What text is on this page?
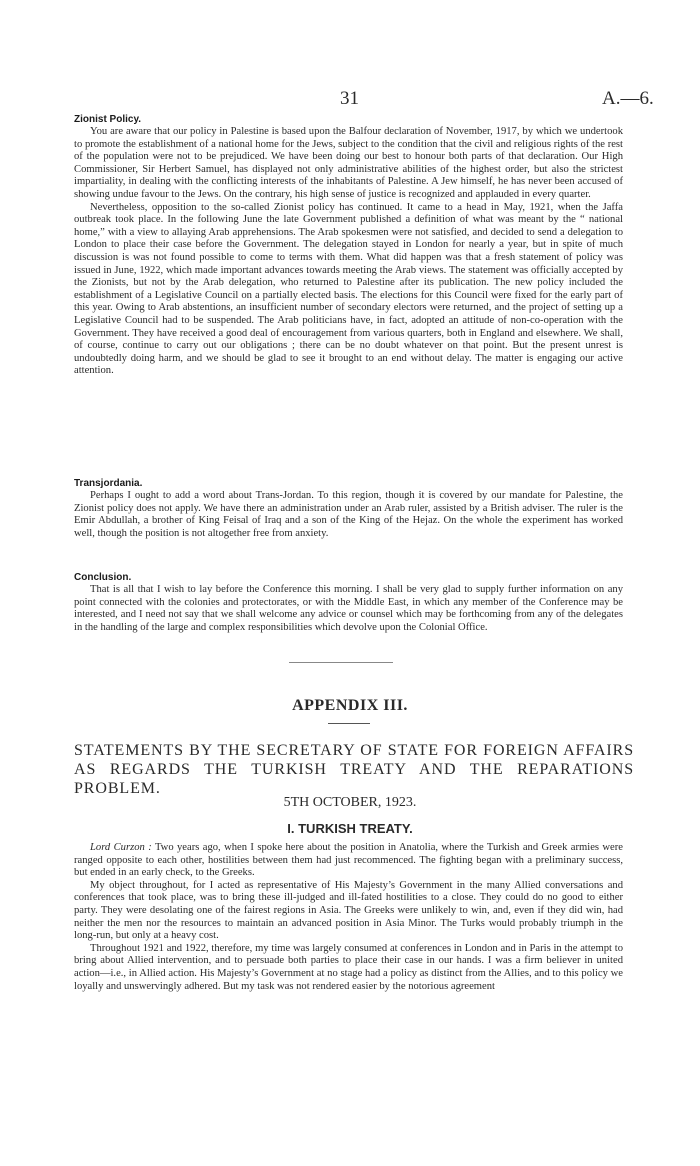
31	A.—6.
Zionist Policy.

You are aware that our policy in Palestine is based upon the Balfour declaration of November, 1917, by which we undertook to promote the establishment of a national home for the Jews, subject to the condition that the civil and religious rights of the rest of the population were not to be prejudiced. We have been doing our best to honour both parts of that declaration. Our High Commissioner, Sir Herbert Samuel, has displayed not only administrative abilities of the highest order, but also the strictest impartiality, in dealing with the conflicting interests of the inhabitants of Palestine. A Jew himself, he has never been accused of showing undue favour to the Jews. On the contrary, his high sense of justice is recognized and applauded in every quarter.

Nevertheless, opposition to the so-called Zionist policy has continued. It came to a head in May, 1921, when the Jaffa outbreak took place. In the following June the late Government published a definition of what was meant by the “ national home,” with a view to allaying Arab apprehensions. The Arab spokesmen were not satisfied, and decided to send a delegation to London to place their case before the Government. The delegation stayed in London for nearly a year, but in spite of much discussion is was not found possible to come to terms with them. What did happen was that a fresh statement of policy was issued in June, 1922, which made important advances towards meeting the Arab views. The statement was officially accepted by the Zionists, but not by the Arab delegation, who returned to Palestine after its publication. The new policy included the establishment of a Legislative Council on a partially elected basis. The elections for this Council were fixed for the early part of this year. Owing to Arab abstentions, an insufficient number of secondary electors were returned, and the project of setting up a Legislative Council had to be suspended. The Arab politicians have, in fact, adopted an attitude of non-co-operation with the Government. They have received a good deal of encouragement from various quarters, both in England and elsewhere. We shall, of course, continue to carry out our obligations ; there can be no doubt whatever on that point. But the present unrest is undoubtedly doing harm, and we should be glad to see it brought to an end without delay. The matter is engaging our active attention.

Transjordania.

Perhaps I ought to add a word about Trans-Jordan. To this region, though it is covered by our mandate for Palestine, the Zionist policy does not apply. We have there an administration under an Arab ruler, assisted by a British adviser. The ruler is the Emir Abdullah, a brother of King Feisal of Iraq and a son of the King of the Hejaz. On the whole the experiment has worked well, though the position is not altogether free from anxiety.

Conclusion.

That is all that I wish to lay before the Conference this morning. I shall be very glad to supply further information on any point connected with the colonies and protectorates, or with the Middle East, in which any member of the Conference may be interested, and I need not say that we shall welcome any advice or counsel which may be forthcoming from any of the delegates in the handling of the large and complex responsibilities which devolve upon the Colonial Office.

APPENDIX III.
STATEMENTS BY THE SECRETARY OF STATE FOR FOREIGN AFFAIRS AS REGARDS THE TURKISH TREATY AND THE REPARATIONS PROBLEM.
5TH OCTOBER, 1923.
I. TURKISH TREATY.

Lord Curzon : Two years ago, when I spoke here about the position in Anatolia, where the Turkish and Greek armies were ranged opposite to each other, hostilities between them had just recommenced. The fighting began with a preliminary success, but ended in an early check, to the Greeks.

My object throughout, for I acted as representative of His Majesty’s Government in the many Allied conversations and conferences that took place, was to bring these ill-judged and ill-fated hostilities to a close. They could do no good to either party. They were desolating one of the fairest regions in Asia. The Greeks were unlikely to win, and, even if they did win, had neither the men nor the resources to maintain an advanced position in Asia Minor. The Turks would probably triumph in the long-run, but only at a heavy cost.

Throughout 1921 and 1922, therefore, my time was largely consumed at conferences in London and in Paris in the attempt to bring about Allied intervention, and to persuade both parties to place their case in our hands. I was a firm believer in united action—i.e., in Allied action. His Majesty’s Government at no stage had a policy as distinct from the Allies, and to this policy we loyally and unswervingly adhered. But my task was not rendered easier by the notorious agreement
